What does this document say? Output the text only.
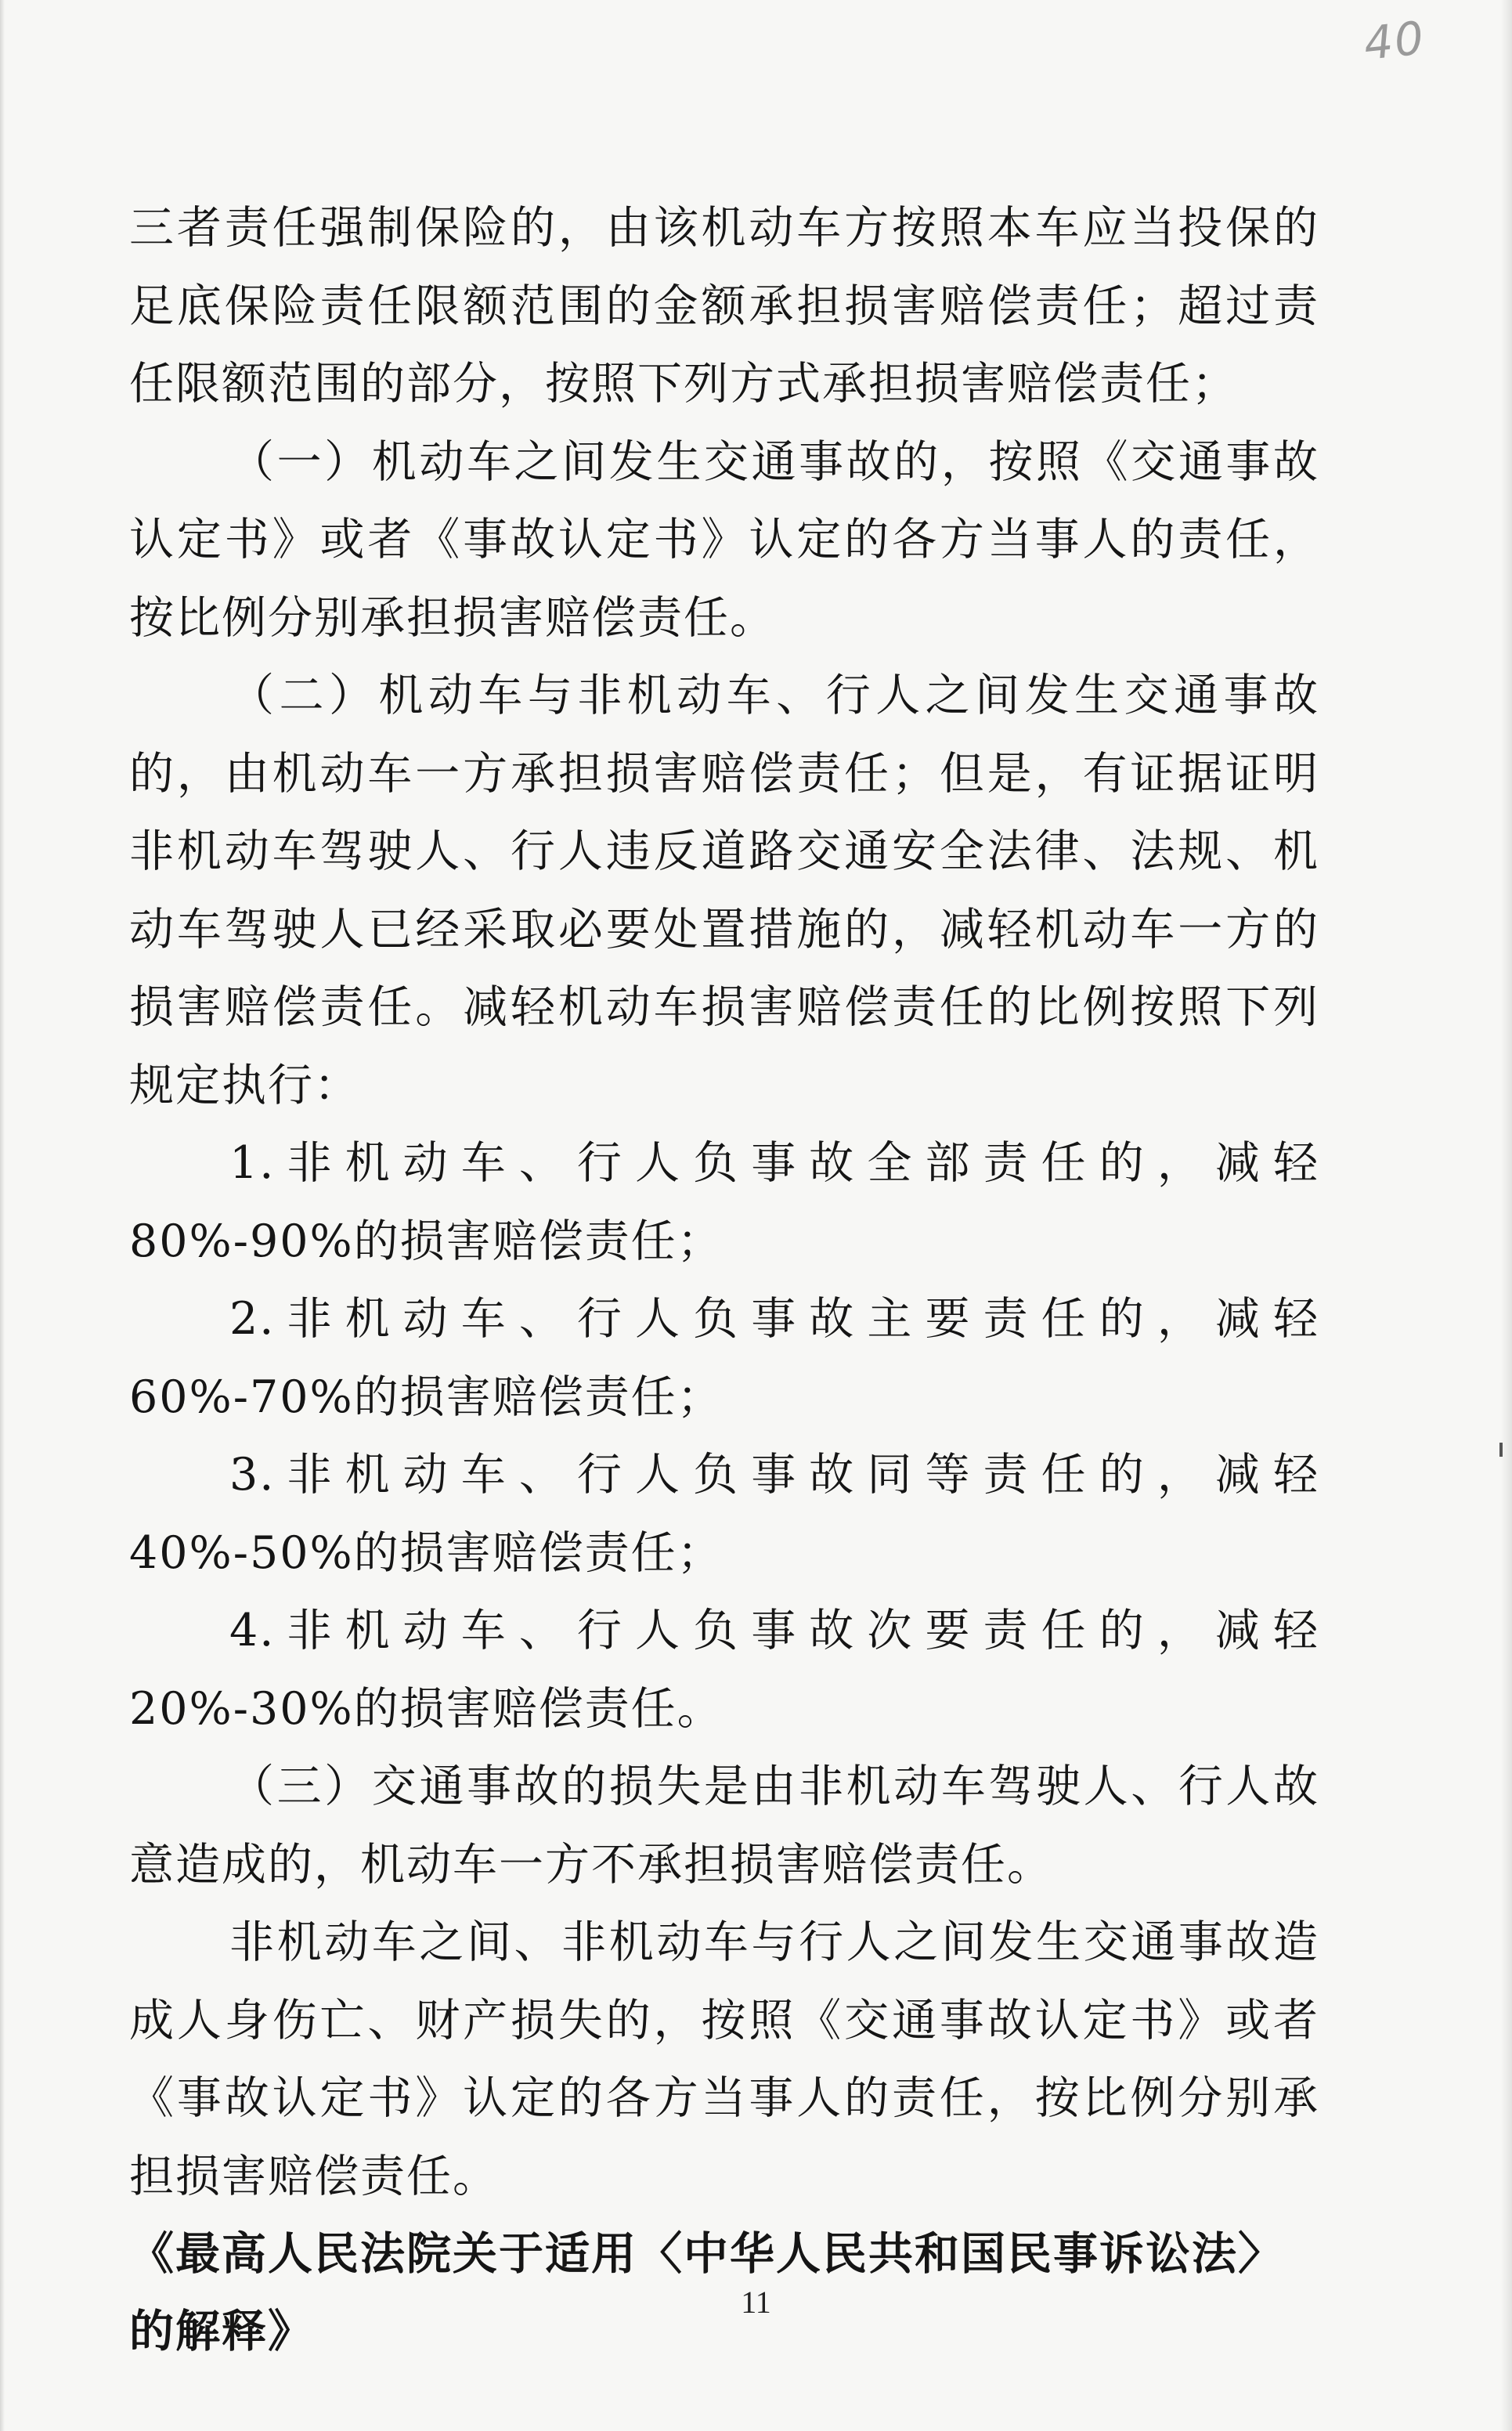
40

三者责任强制保险的，由该机动车方按照本车应当投保的足底保险责任限额范围的金额承担损害赔偿责任；超过责任限额范围的部分，按照下列方式承担损害赔偿责任；

（一）机动车之间发生交通事故的，按照《交通事故认定书》或者《事故认定书》认定的各方当事人的责任，按比例分别承担损害赔偿责任。

（二）机动车与非机动车、行人之间发生交通事故的，由机动车一方承担损害赔偿责任；但是，有证据证明非机动车驾驶人、行人违反道路交通安全法律、法规、机动车驾驶人已经采取必要处置措施的，减轻机动车一方的损害赔偿责任。减轻机动车损害赔偿责任的比例按照下列规定执行：

1.非机动车、行人负事故全部责任的，减轻 80%-90%的损害赔偿责任；

2.非机动车、行人负事故主要责任的，减轻 60%-70%的损害赔偿责任；

3.非机动车、行人负事故同等责任的，减轻 40%-50%的损害赔偿责任；

4.非机动车、行人负事故次要责任的，减轻 20%-30%的损害赔偿责任。

（三）交通事故的损失是由非机动车驾驶人、行人故意造成的，机动车一方不承担损害赔偿责任。

非机动车之间、非机动车与行人之间发生交通事故造成人身伤亡、财产损失的，按照《交通事故认定书》或者《事故认定书》认定的各方当事人的责任，按比例分别承担损害赔偿责任。

《最高人民法院关于适用〈中华人民共和国民事诉讼法〉的解释》

11
